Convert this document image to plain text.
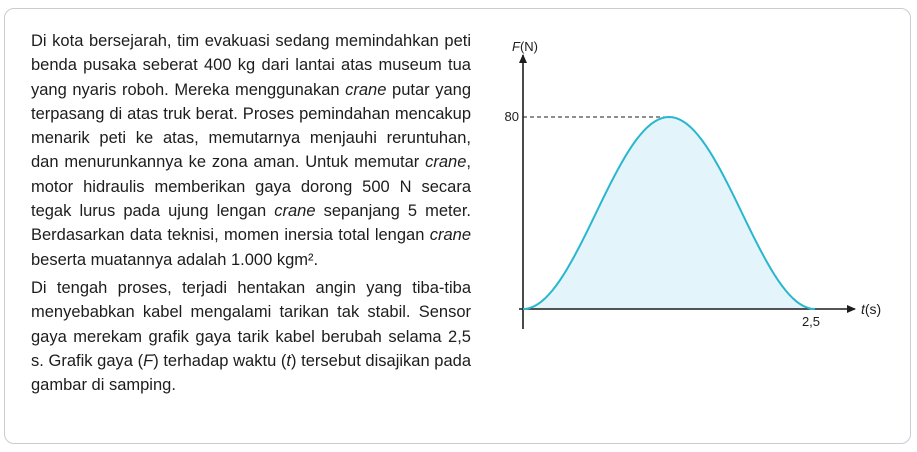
Di kota bersejarah, tim evakuasi sedang memindahkan peti benda pusaka seberat 400 kg dari lantai atas museum tua yang nyaris roboh. Mereka menggunakan crane putar yang terpasang di atas truk berat. Proses pemindahan mencakup menarik peti ke atas, memutarnya menjauhi reruntuhan, dan menurunkannya ke zona aman. Untuk memutar crane, motor hidraulis memberikan gaya dorong 500 N secara tegak lurus pada ujung lengan crane sepanjang 5 meter. Berdasarkan data teknisi, momen inersia total lengan crane beserta muatannya adalah 1.000 kgm².

Di tengah proses, terjadi hentakan angin yang tiba-tiba menyebabkan kabel mengalami tarikan tak stabil. Sensor gaya merekam grafik gaya tarik kabel berubah selama 2,5 s. Grafik gaya (F) terhadap waktu (t) tersebut disajikan pada gambar di samping.

F(N)
t(s)
80
2,5
